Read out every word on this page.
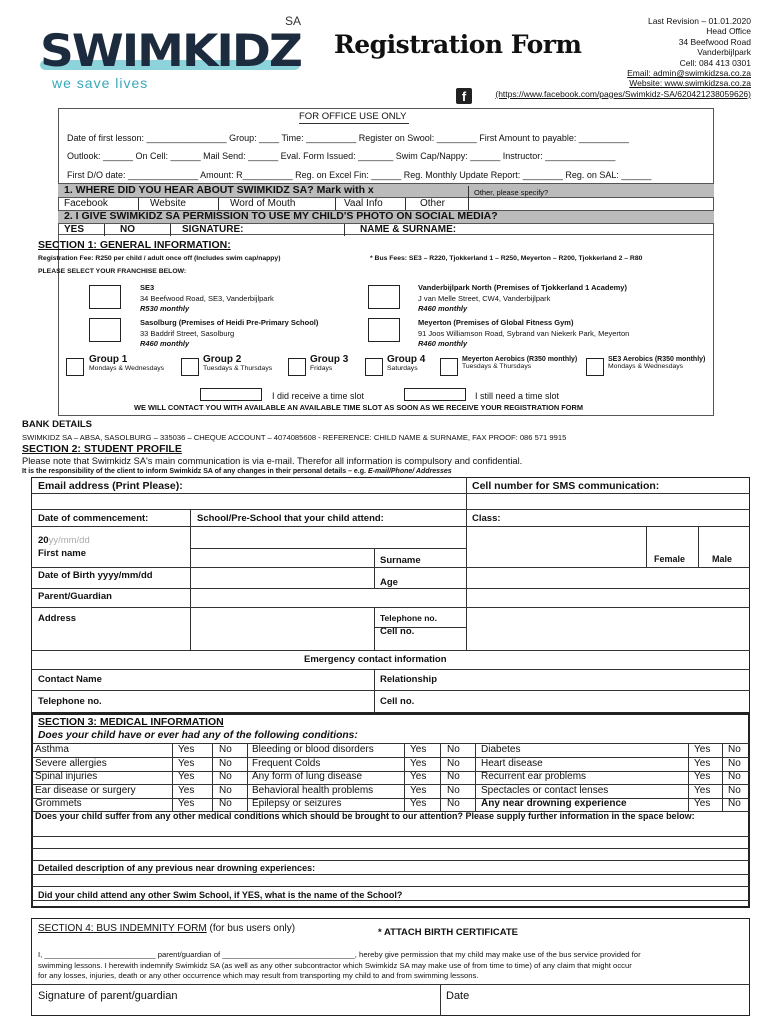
SWIMKIDZ
SA
we save lives
Registration Form
Last Revision – 01.01.2020
Head Office
34 Beefwood Road
Vanderbijlpark
Cell: 084 413 0301
Email: admin@swimkidzsa.co.za
Website: www.swimkidzsa.co.za
(https://www.facebook.com/pages/Swimkidz-SA/620421238059626)
f
FOR OFFICE USE ONLY
Date of first lesson: ________________ Group: ____ Time: __________ Register on Swool: ________ First Amount to payable: __________
Outlook: ______ On Cell: ______ Mail Send: ______ Eval. Form Issued: _______ Swim Cap/Nappy: ______ Instructor: ______________
First D/O date: ______________ Amount: R__________ Reg. on Excel Fin: ______ Reg. Monthly Update Report: ________ Reg. on SAL: ______
1. WHERE DID YOU HEAR ABOUT SWIMKIDZ SA? Mark with x
Facebook	Website	Word of Mouth	Vaal Info	Other
Other, please specify?
2. I GIVE SWIMKIDZ SA PERMISSION TO USE MY CHILD'S PHOTO ON SOCIAL MEDIA?
YES	NO	SIGNATURE:	NAME & SURNAME:
SECTION 1: GENERAL INFORMATION:
Registration Fee: R250 per child / adult once off (Includes swim cap/nappy)	* Bus Fees: SE3 – R220, Tjokkerland 1 – R250, Meyerton – R200, Tjokkerland 2 – R80
PLEASE SELECT YOUR FRANCHISE BELOW:
SE3
34 Beefwood Road, SE3, Vanderbijlpark
R530 monthly
Sasolburg (Premises of Heidi Pre-Primary School)
33 Baddrif Street, Sasolburg
R460 monthly
Vanderbijlpark North (Premises of Tjokkerland 1 Academy)
J van Melle Street, CW4, Vanderbijlpark
R460 monthly
Meyerton (Premises of Global Fitness Gym)
91 Joos Williamson Road, Sybrand van Niekerk Park, Meyerton
R460 monthly
Group 1
Mondays & Wednesdays
Group 2
Tuesdays & Thursdays
Group 3
Fridays
Group 4
Saturdays
Meyerton Aerobics (R350 monthly)
Tuesdays & Thursdays
SE3 Aerobics (R350 monthly)
Mondays & Wednesdays
I did receive a time slot	I still need a time slot
WE WILL CONTACT YOU WITH AVAILABLE AN AVAILABLE TIME SLOT AS SOON AS WE RECEIVE YOUR REGISTRATION FORM
BANK DETAILS
SWIMKIDZ SA – ABSA, SASOLBURG – 335036 – CHEQUE ACCOUNT – 4074085608 - REFERENCE: CHILD NAME & SURNAME, FAX PROOF: 086 571 9915
SECTION 2: STUDENT PROFILE
Please note that Swimkidz SA's main communication is via e-mail. Therefor all information is compulsory and confidential.
It is the responsibility of the client to inform Swimkidz SA of any changes in their personal details – e.g. E-mail/Phone/ Addresses
Email address (Print Please):	Cell number for SMS communication:
Date of commencement:	School/Pre-School that your child attend:	Class:
20yy/mm/dd
First name
Surname	Female	Male
Date of Birth yyyy/mm/dd
Age
Parent/Guardian
Address	Telephone no.
Cell no.
Emergency contact information
Contact Name	Relationship
Telephone no.	Cell no.
SECTION 3: MEDICAL INFORMATION
Does your child have or ever had any of the following conditions:
Asthma	Yes No Bleeding or blood disorders	Yes No Diabetes	Yes No
Severe allergies	Yes No Frequent Colds	Yes No Heart disease	Yes No
Spinal injuries	Yes No Any form of lung disease	Yes No Recurrent ear problems	Yes No
Ear disease or surgery	Yes No Behavioral health problems	Yes No Spectacles or contact lenses	Yes No
Grommets	Yes No Epilepsy or seizures	Yes No Any near drowning experience	Yes No
Does your child suffer from any other medical conditions which should be brought to our attention? Please supply further information in the space below:
Detailed description of any previous near drowning experiences:
Did your child attend any other Swim School, if YES, what is the name of the School?
SECTION 4: BUS INDEMNITY FORM (for bus users only)	* ATTACH BIRTH CERTIFICATE
I, __________________________ parent/guardian of _______________________________, hereby give permission that my child may make use of the bus service provided for
swimming lessons. I herewith indemnify Swimkidz SA (as well as any other subcontractor which Swimkidz SA may make use of from time to time) of any claim that might occur
for any losses, injuries, death or any other occurrence which may result from transporting my child to and from swimming lessons.
Signature of parent/guardian	Date
